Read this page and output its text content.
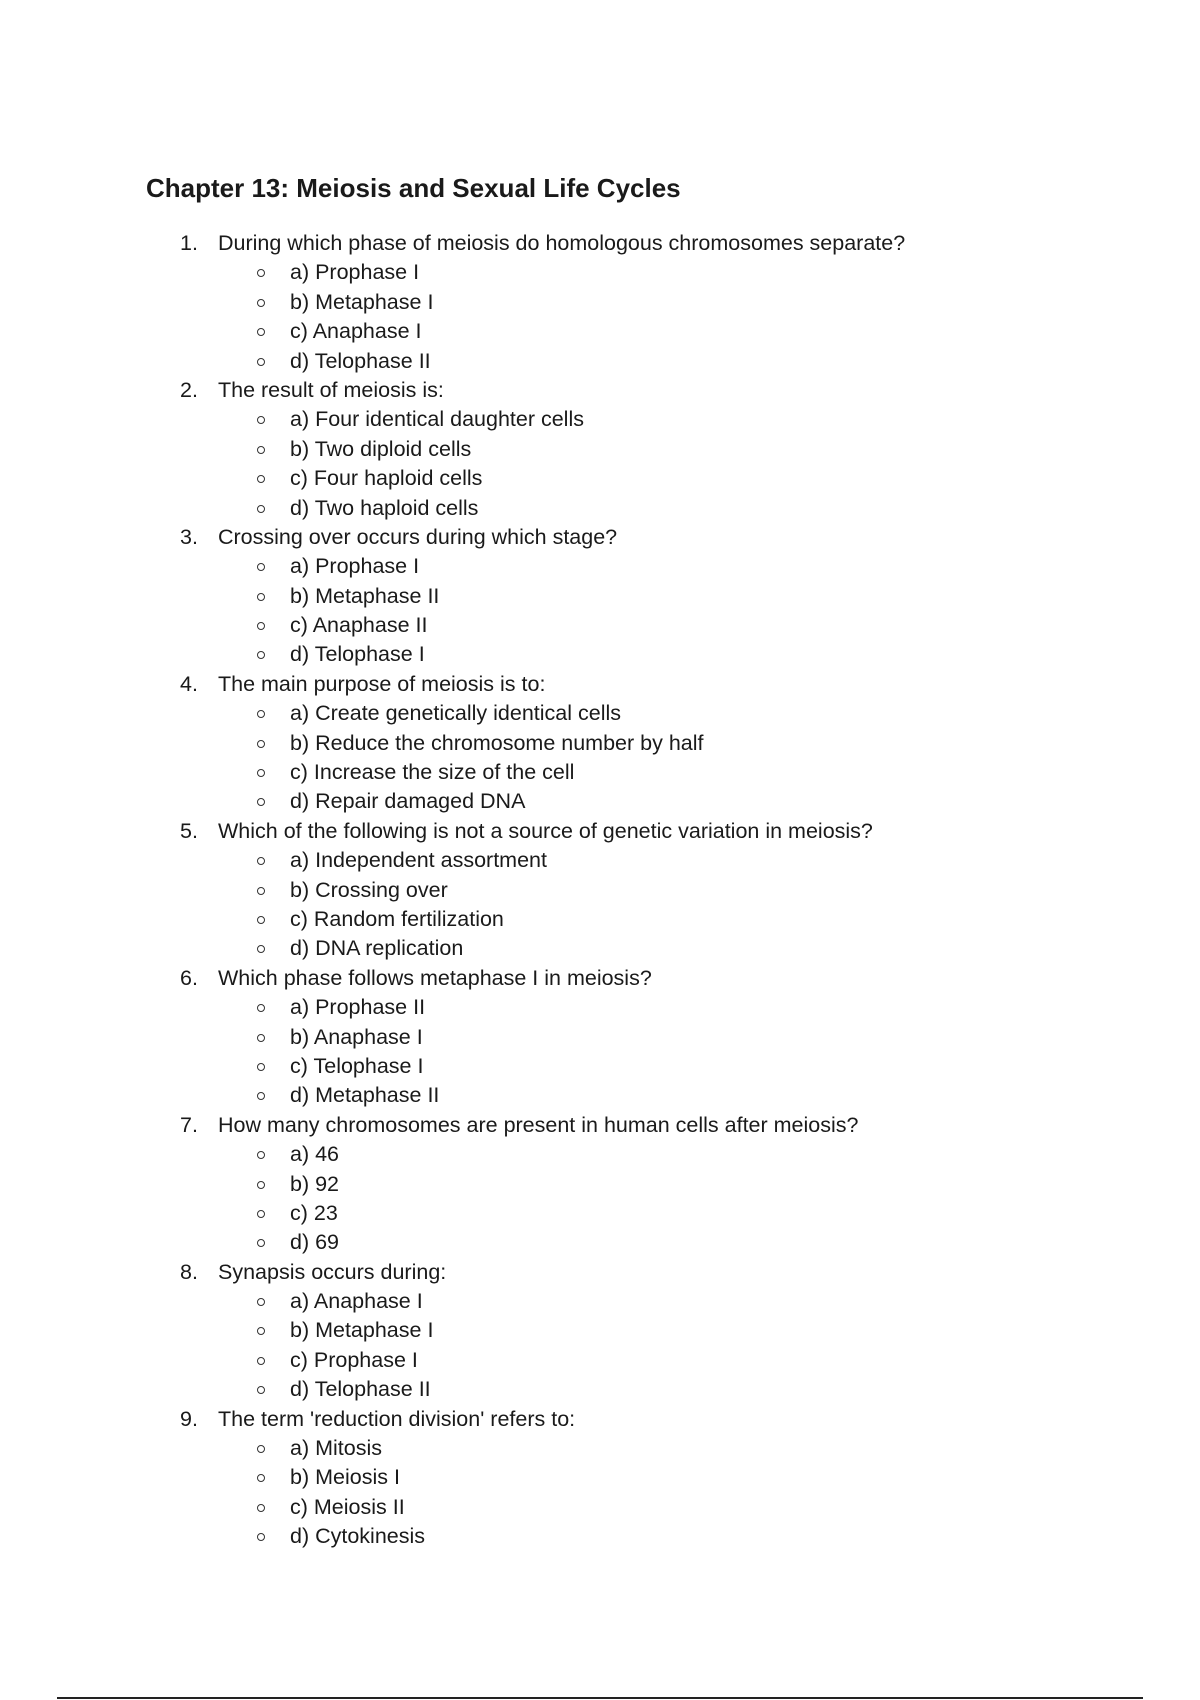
Chapter 13: Meiosis and Sexual Life Cycles
1. During which phase of meiosis do homologous chromosomes separate?
a) Prophase I
b) Metaphase I
c) Anaphase I
d) Telophase II
2. The result of meiosis is:
a) Four identical daughter cells
b) Two diploid cells
c) Four haploid cells
d) Two haploid cells
3. Crossing over occurs during which stage?
a) Prophase I
b) Metaphase II
c) Anaphase II
d) Telophase I
4. The main purpose of meiosis is to:
a) Create genetically identical cells
b) Reduce the chromosome number by half
c) Increase the size of the cell
d) Repair damaged DNA
5. Which of the following is not a source of genetic variation in meiosis?
a) Independent assortment
b) Crossing over
c) Random fertilization
d) DNA replication
6. Which phase follows metaphase I in meiosis?
a) Prophase II
b) Anaphase I
c) Telophase I
d) Metaphase II
7. How many chromosomes are present in human cells after meiosis?
a) 46
b) 92
c) 23
d) 69
8. Synapsis occurs during:
a) Anaphase I
b) Metaphase I
c) Prophase I
d) Telophase II
9. The term 'reduction division' refers to:
a) Mitosis
b) Meiosis I
c) Meiosis II
d) Cytokinesis
